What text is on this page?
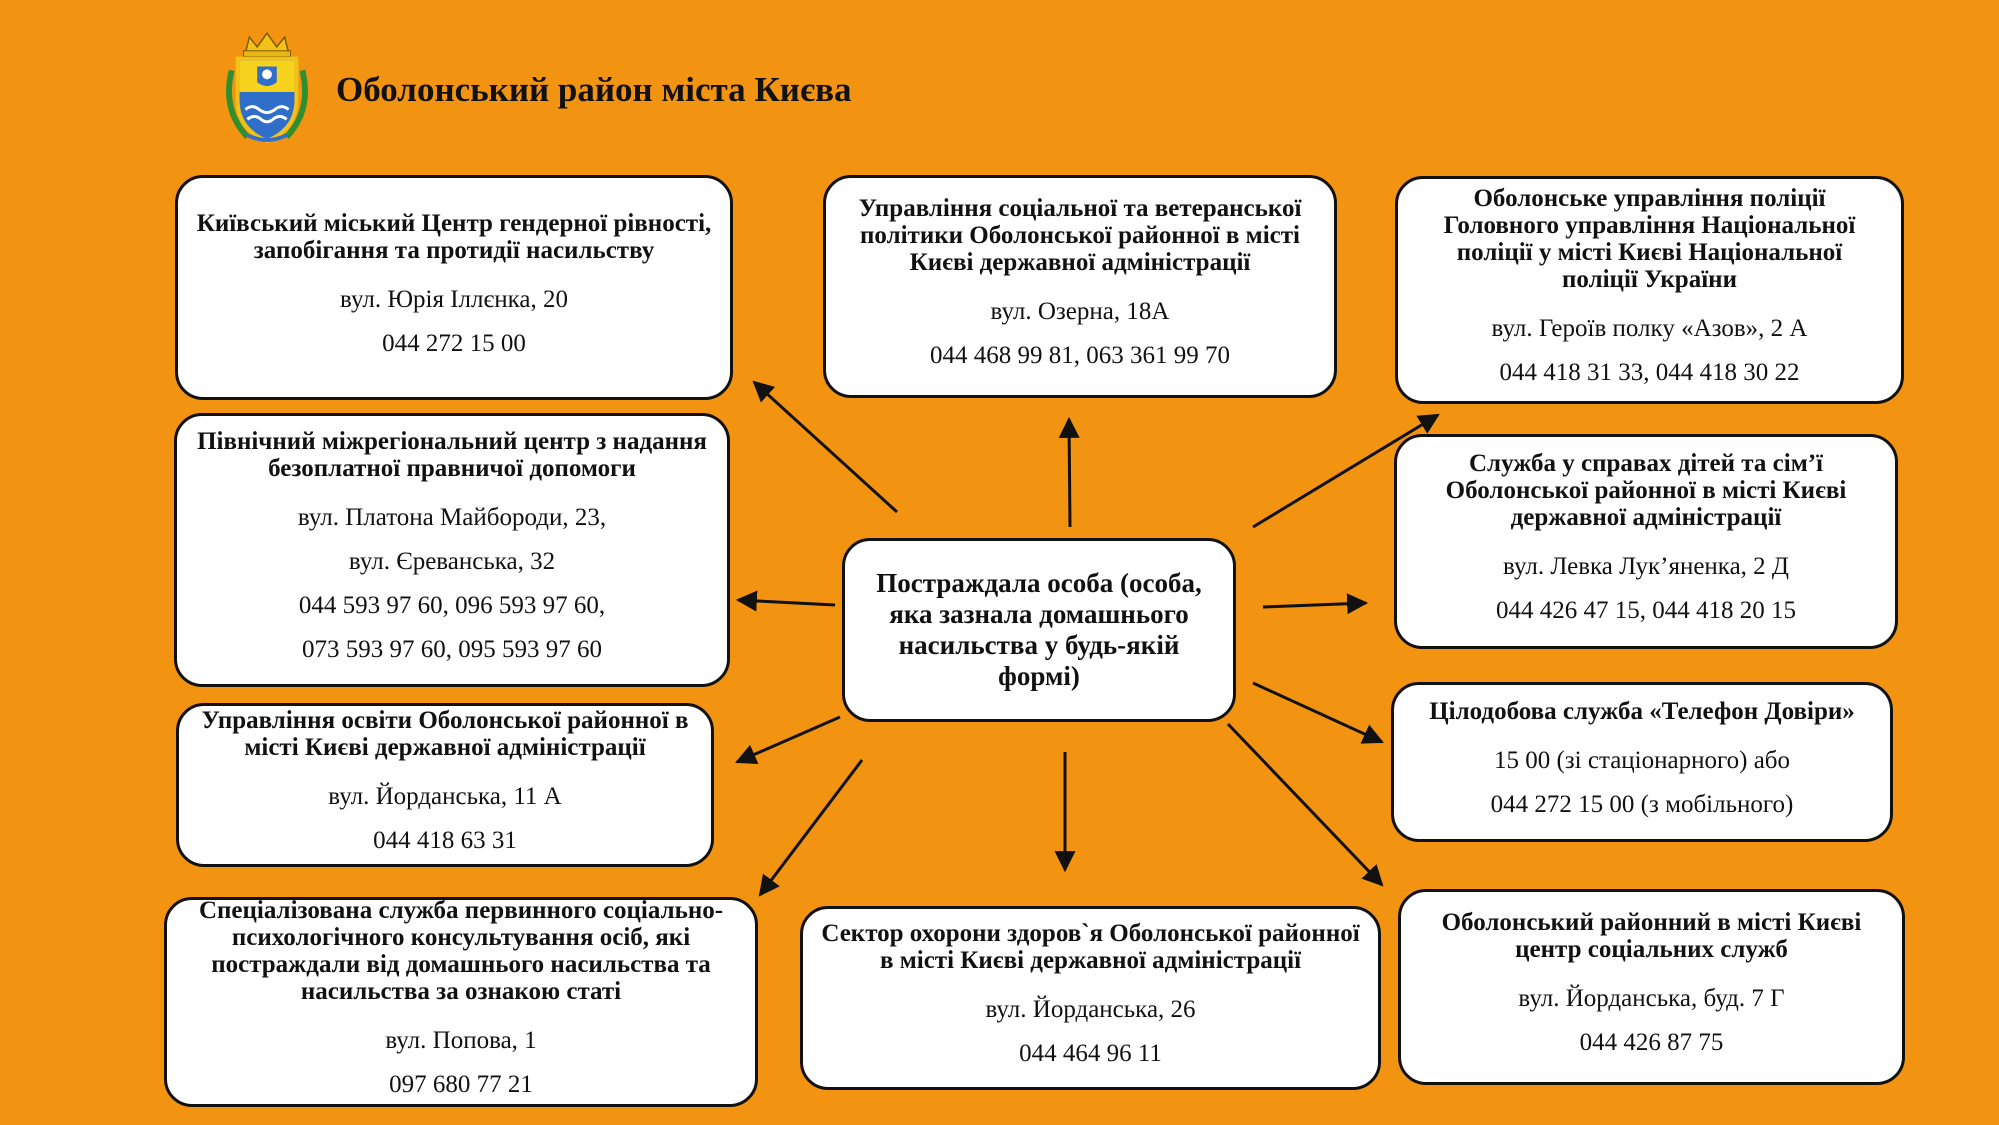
Оболонський район міста Києва
Постраждала особа (особа, яка зазнала домашнього насильства у будь-якій формі)
Київський міський Центр гендерної рівності, запобігання та протидії насильству
вул. Юрія Іллєнка, 20
044 272 15 00
Управління соціальної та ветеранської політики Оболонської районної в місті Києві державної адміністрації
вул. Озерна, 18А
044 468 99 81, 063 361 99 70
Оболонське управління поліції Головного управління Національної поліції у місті Києві Національної поліції України
вул. Героїв полку «Азов», 2 А
044 418 31 33, 044 418 30 22
Північний міжрегіональний центр з надання безоплатної правничої допомоги
вул. Платона Майбороди, 23,
вул. Єреванська, 32
044 593 97 60, 096 593 97 60,
073 593 97 60, 095 593 97 60
Служба у справах дітей та сім’ї Оболонської районної в місті Києві державної адміністрації
вул. Левка Лук’яненка, 2 Д
044 426 47 15, 044 418 20 15
Управління освіти Оболонської районної в місті Києві державної адміністрації
вул. Йорданська, 11 А
044 418 63 31
Цілодобова служба «Телефон Довіри»
15 00 (зі стаціонарного) або
044 272 15 00 (з мобільного)
Спеціалізована служба первинного соціально-психологічного консультування осіб, які постраждали від домашнього насильства та насильства за ознакою статі
вул. Попова, 1
097 680 77 21
Сектор охорони здоров`я Оболонської районної в місті Києві державної адміністрації
вул. Йорданська, 26
044 464 96 11
Оболонський районний в місті Києві центр соціальних служб
вул. Йорданська, буд. 7 Г
044 426 87 75
